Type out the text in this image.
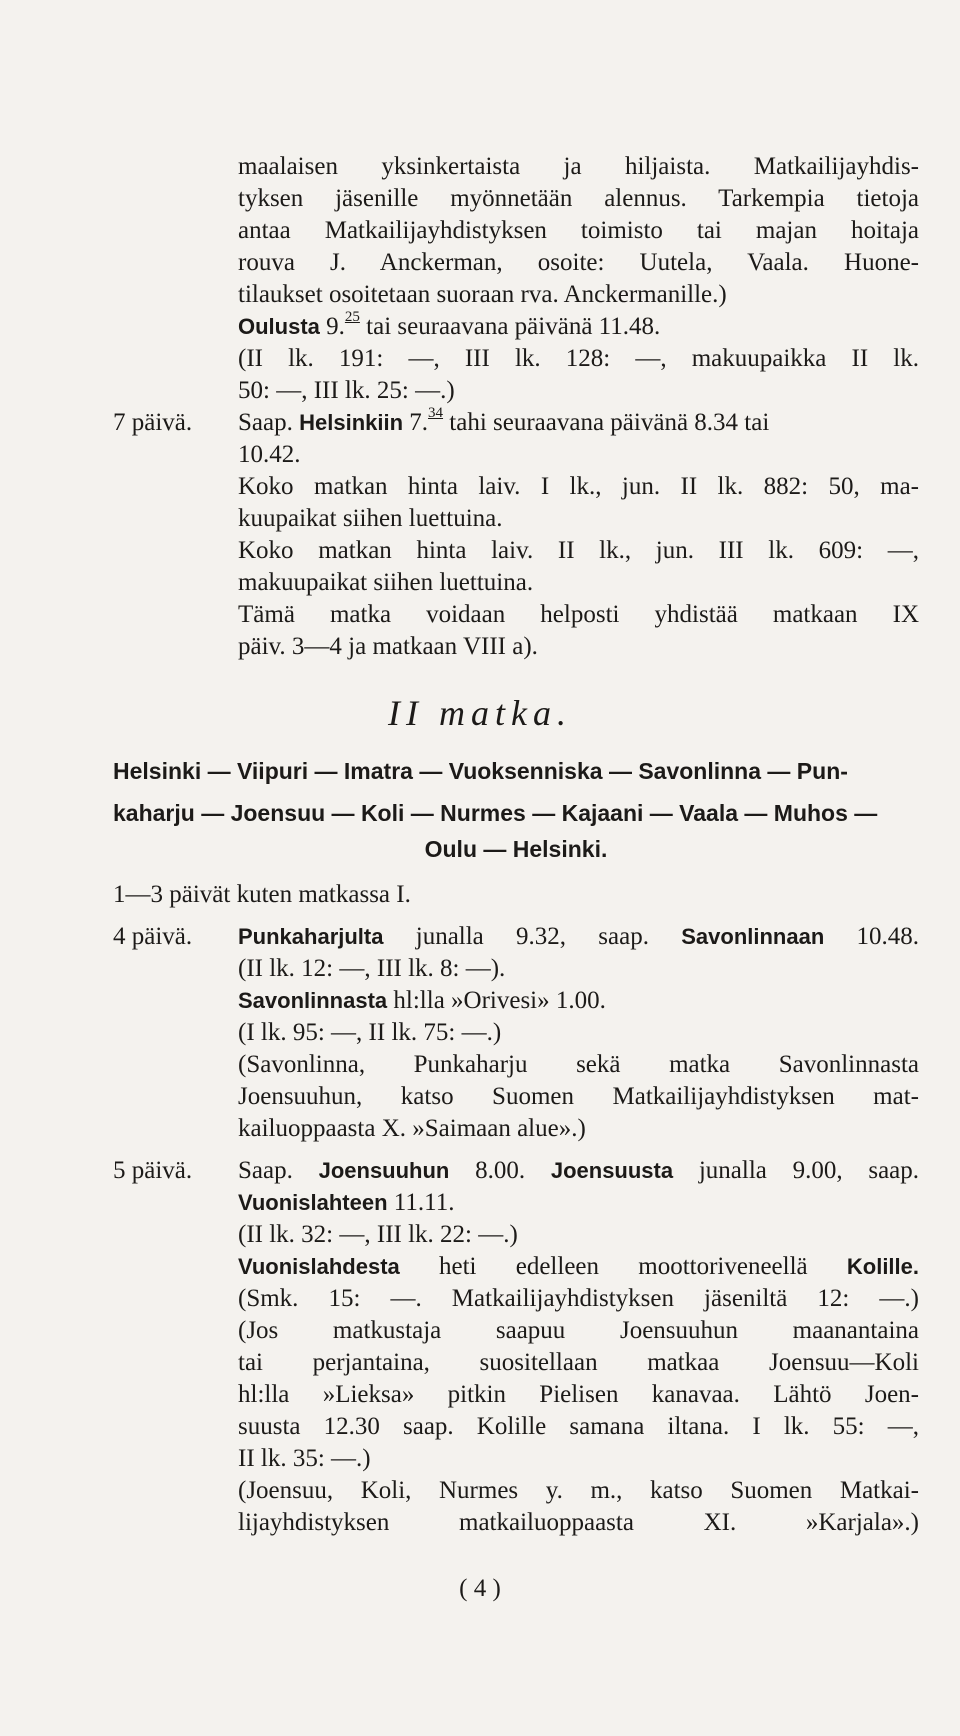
maalaisen yksinkertaista ja hiljaista. Matkailijayhdis-
tyksen jäsenille myönnetään alennus. Tarkempia tietoja
antaa Matkailijayhdistyksen toimisto tai majan hoitaja
rouva J. Anckerman, osoite: Uutela, Vaala. Huone-
tilaukset osoitetaan suoraan rva. Anckermanille.)
Oulusta 9.25 tai seuraavana päivänä 11.48.
(II lk. 191: —, III lk. 128: —, makuupaikka II lk.
50: —, III lk. 25: —.)
7 päivä. Saap. Helsinkiin 7.34 tahi seuraavana päivänä 8.34 tai
10.42.
Koko matkan hinta laiv. I lk., jun. II lk. 882: 50, ma-
kuupaikat siihen luettuina.
Koko matkan hinta laiv. II lk., jun. III lk. 609: —,
makuupaikat siihen luettuina.
Tämä matka voidaan helposti yhdistää matkaan IX
päiv. 3—4 ja matkaan VIII a).
II matka.
Helsinki — Viipuri — Imatra — Vuoksenniska — Savonlinna — Pun-
kaharju — Joensuu — Koli — Nurmes — Kajaani — Vaala — Muhos —
Oulu — Helsinki.
1—3 päivät kuten matkassa I.
4 päivä. Punkaharjulta junalla 9.32, saap. Savonlinnaan 10.48.
(II lk. 12: —, III lk. 8: —).
Savonlinnasta hl:lla »Orivesi» 1.00.
(I lk. 95: —, II lk. 75: —.)
(Savonlinna, Punkaharju sekä matka Savonlinnasta
Joensuuhun, katso Suomen Matkailijayhdistyksen mat-
kailuoppaasta X. »Saimaan alue».)
5 päivä. Saap. Joensuuhun 8.00. Joensuusta junalla 9.00, saap.
Vuonislahteen 11.11.
(II lk. 32: —, III lk. 22: —.)
Vuonislahdesta heti edelleen moottoriveneellä Kolille.
(Smk. 15: —. Matkailijayhdistyksen jäseniltä 12: —.)
(Jos matkustaja saapuu Joensuuhun maanantaina
tai perjantaina, suositellaan matkaa Joensuu—Koli
hl:lla »Lieksa» pitkin Pielisen kanavaa. Lähtö Joen-
suusta 12.30 saap. Kolille samana iltana. I lk. 55: —,
II lk. 35: —.)
(Joensuu, Koli, Nurmes y. m., katso Suomen Matkai-
lijayhdistyksen matkailuoppaasta XI. »Karjala».)
( 4 )
